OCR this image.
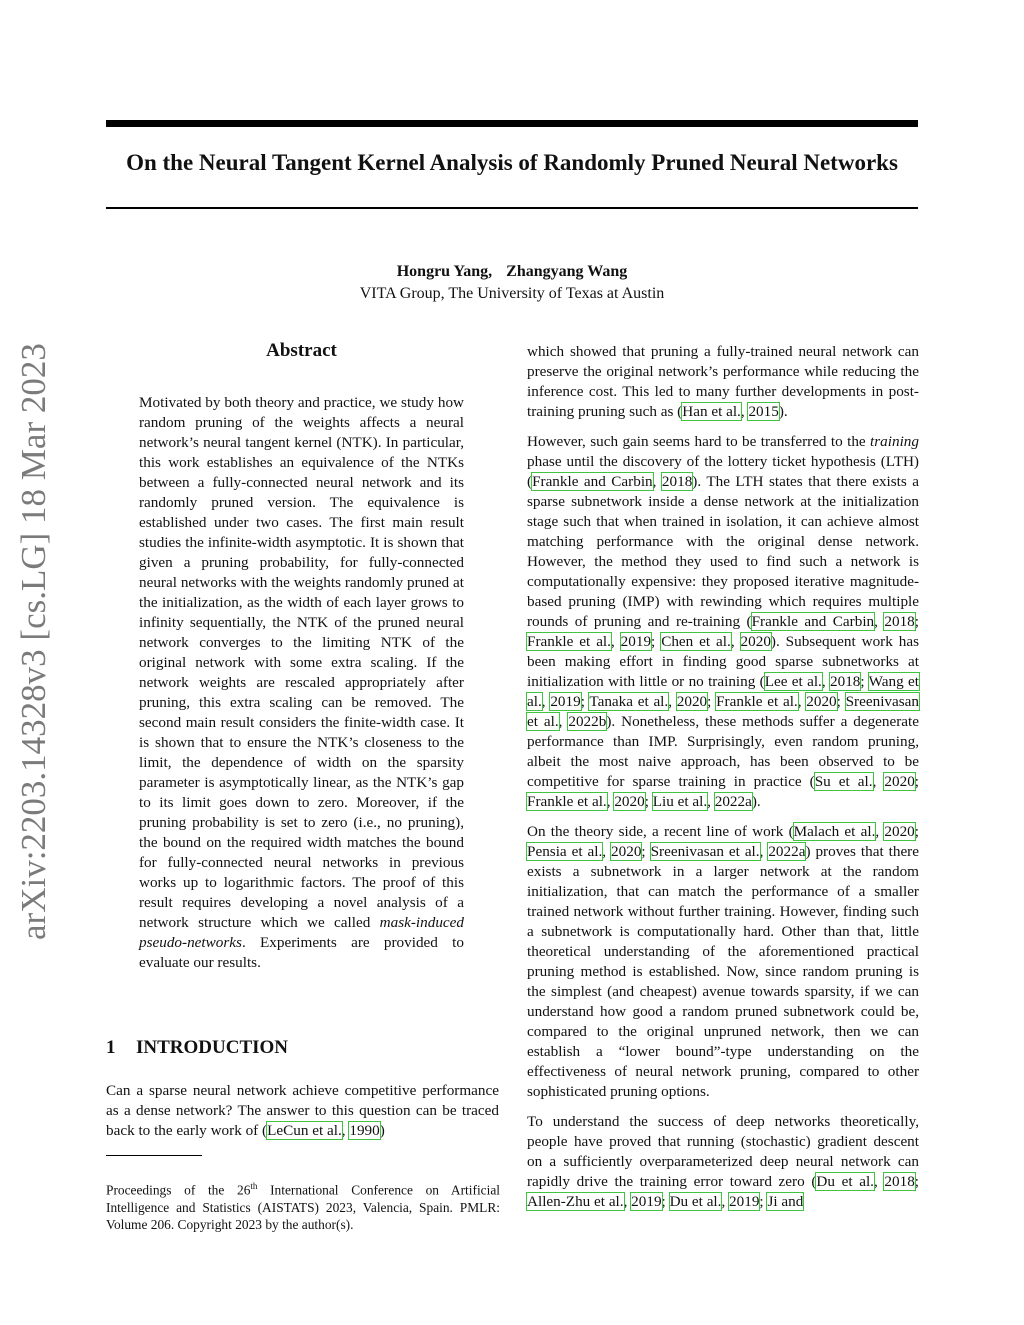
On the Neural Tangent Kernel Analysis of Randomly Pruned Neural Networks
Hongru Yang, Zhangyang Wang
VITA Group, The University of Texas at Austin
arXiv:2203.14328v3 [cs.LG] 18 Mar 2023	Abstract
Motivated by both theory and practice, we study how random pruning of the weights affects a neural network’s neural tangent kernel (NTK). In particular, this work establishes an equivalence of the NTKs between a fully-connected neural network and its randomly pruned version. The equivalence is established under two cases. The first main result studies the infinite-width asymptotic. It is shown that given a pruning probability, for fully-connected neural networks with the weights randomly pruned at the initialization, as the width of each layer grows to infinity sequentially, the NTK of the pruned neural network converges to the limiting NTK of the original network with some extra scaling. If the network weights are rescaled appropriately after pruning, this extra scaling can be removed. The second main result considers the finite-width case. It is shown that to ensure the NTK’s closeness to the limit, the dependence of width on the sparsity parameter is asymptotically linear, as the NTK’s gap to its limit goes down to zero. Moreover, if the pruning probability is set to zero (i.e., no pruning), the bound on the required width matches the bound for fully-connected neural networks in previous works up to logarithmic factors. The proof of this result requires developing a novel analysis of a network structure which we called mask-induced pseudo-networks. Experiments are provided to evaluate our results.
1 INTRODUCTION
Can a sparse neural network achieve competitive performance as a dense network? The answer to this question can be traced back to the early work of (LeCun et al., 1990)
Proceedings of the 26th International Conference on Artificial Intelligence and Statistics (AISTATS) 2023, Valencia, Spain. PMLR: Volume 206. Copyright 2023 by the author(s).

which showed that pruning a fully-trained neural network can preserve the original network’s performance while reducing the inference cost. This led to many further developments in post-training pruning such as (Han et al., 2015).

However, such gain seems hard to be transferred to the training phase until the discovery of the lottery ticket hypothesis (LTH) (Frankle and Carbin, 2018). The LTH states that there exists a sparse subnetwork inside a dense network at the initialization stage such that when trained in isolation, it can achieve almost matching performance with the original dense network. However, the method they used to find such a network is computationally expensive: they proposed iterative magnitude-based pruning (IMP) with rewinding which requires multiple rounds of pruning and re-training (Frankle and Carbin, 2018; Frankle et al., 2019; Chen et al., 2020). Subsequent work has been making effort in finding good sparse subnetworks at initialization with little or no training (Lee et al., 2018; Wang et al., 2019; Tanaka et al., 2020; Frankle et al., 2020; Sreenivasan et al., 2022b). Nonetheless, these methods suffer a degenerate performance than IMP. Surprisingly, even random pruning, albeit the most naive approach, has been observed to be competitive for sparse training in practice (Su et al., 2020; Frankle et al., 2020; Liu et al., 2022a).

On the theory side, a recent line of work (Malach et al., 2020; Pensia et al., 2020; Sreenivasan et al., 2022a) proves that there exists a subnetwork in a larger network at the random initialization, that can match the performance of a smaller trained network without further training. However, finding such a subnetwork is computationally hard. Other than that, little theoretical understanding of the aforementioned practical pruning method is established. Now, since random pruning is the simplest (and cheapest) avenue towards sparsity, if we can understand how good a random pruned subnetwork could be, compared to the original unpruned network, then we can establish a “lower bound”-type understanding on the effectiveness of neural network pruning, compared to other sophisticated pruning options.

To understand the success of deep networks theoretically, people have proved that running (stochastic) gradient descent on a sufficiently overparameterized deep neural network can rapidly drive the training error toward zero (Du et al., 2018; Allen-Zhu et al., 2019; Du et al., 2019; Ji and
